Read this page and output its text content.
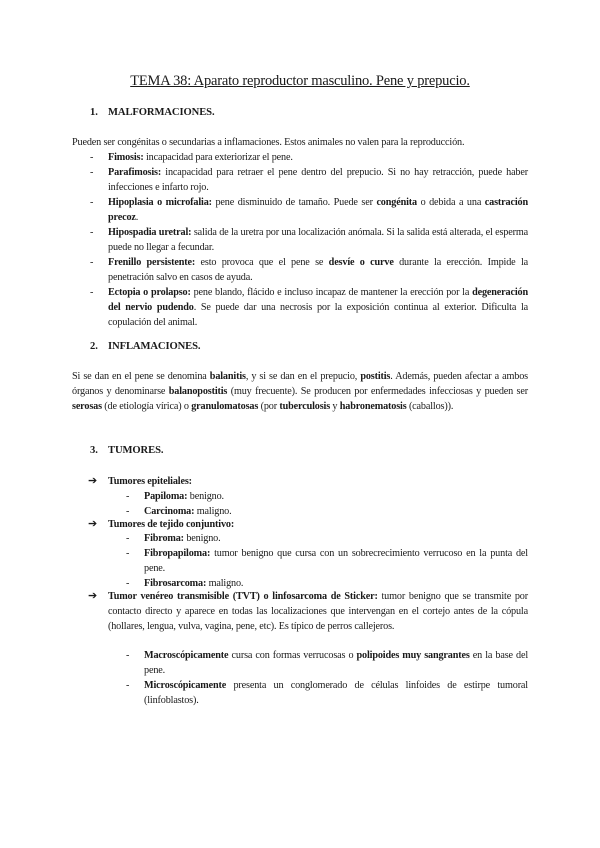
TEMA 38: Aparato reproductor masculino. Pene y prepucio.
1. MALFORMACIONES.
Pueden ser congénitas o secundarias a inflamaciones. Estos animales no valen para la reproducción.
- Fimosis: incapacidad para exteriorizar el pene.
- Parafimosis: incapacidad para retraer el pene dentro del prepucio. Si no hay retracción, puede haber infecciones e infarto rojo.
- Hipoplasia o microfalia: pene disminuido de tamaño. Puede ser congénita o debida a una castración precoz.
- Hipospadia uretral: salida de la uretra por una localización anómala. Si la salida está alterada, el esperma puede no llegar a fecundar.
- Frenillo persistente: esto provoca que el pene se desvíe o curve durante la erección. Impide la penetración salvo en casos de ayuda.
- Ectopia o prolapso: pene blando, flácido e incluso incapaz de mantener la erección por la degeneración del nervio pudendo. Se puede dar una necrosis por la exposición continua al exterior. Dificulta la copulación del animal.
2. INFLAMACIONES.
Si se dan en el pene se denomina balanitis, y si se dan en el prepucio, postitis. Además, pueden afectar a ambos órganos y denominarse balanopostitis (muy frecuente). Se producen por enfermedades infecciosas y pueden ser serosas (de etiología vírica) o granulomatosas (por tuberculosis y habronematosis (caballos)).
3. TUMORES.
➔ Tumores epiteliales:
- Papiloma: benigno.
- Carcinoma: maligno.
➔ Tumores de tejido conjuntivo:
- Fibroma: benigno.
- Fibropapiloma: tumor benigno que cursa con un sobrecrecimiento verrucoso en la punta del pene.
- Fibrosarcoma: maligno.
➔ Tumor venéreo transmisible (TVT) o linfosarcoma de Sticker: tumor benigno que se transmite por contacto directo y aparece en todas las localizaciones que intervengan en el cortejo antes de la cópula (hollares, lengua, vulva, vagina, pene, etc). Es típico de perros callejeros.
- Macroscópicamente cursa con formas verrucosas o polipoides muy sangrantes en la base del pene.
- Microscópicamente presenta un conglomerado de células linfoides de estirpe tumoral (linfoblastos).
